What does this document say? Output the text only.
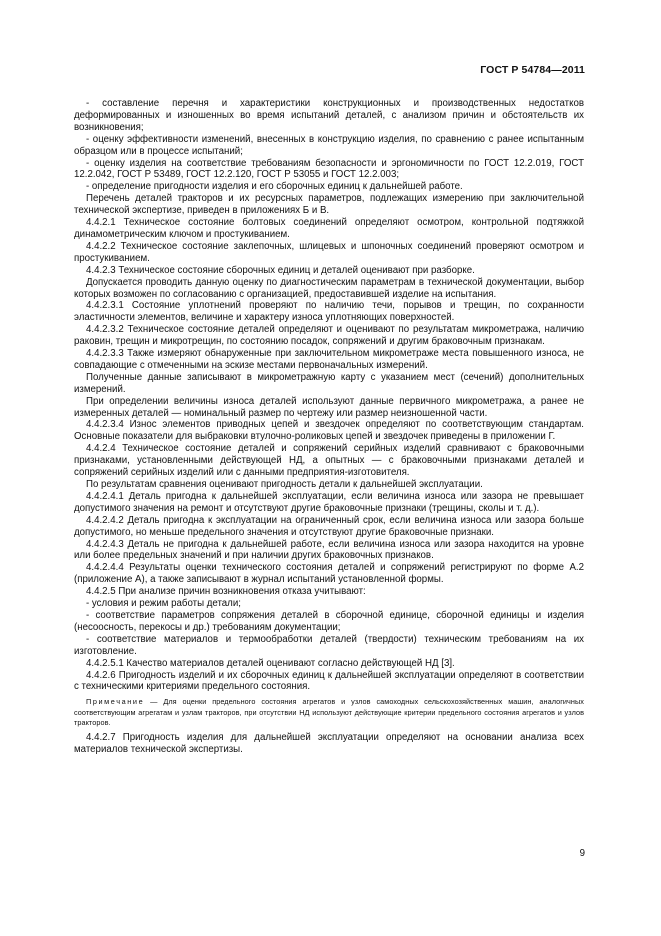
ГОСТ Р 54784—2011

- составление перечня и характеристики конструкционных и производственных недостатков деформированных и изношенных во время испытаний деталей, с анализом причин и обстоятельств их возникновения;

- оценку эффективности изменений, внесенных в конструкцию изделия, по сравнению с ранее испытанным образцом или в процессе испытаний;

- оценку изделия на соответствие требованиям безопасности и эргономичности по ГОСТ 12.2.019, ГОСТ 12.2.042, ГОСТ Р 53489, ГОСТ 12.2.120, ГОСТ Р 53055 и ГОСТ 12.2.003;

- определение пригодности изделия и его сборочных единиц к дальнейшей работе.

Перечень деталей тракторов и их ресурсных параметров, подлежащих измерению при заключительной технической экспертизе, приведен в приложениях Б и В.

4.4.2.1 Техническое состояние болтовых соединений определяют осмотром, контрольной подтяжкой динамометрическим ключом и простукиванием.

4.4.2.2 Техническое состояние заклепочных, шлицевых и шпоночных соединений проверяют осмотром и простукиванием.

4.4.2.3 Техническое состояние сборочных единиц и деталей оценивают при разборке.

Допускается проводить данную оценку по диагностическим параметрам в технической документации, выбор которых возможен по согласованию с организацией, предоставившей изделие на испытания.

4.4.2.3.1 Состояние уплотнений проверяют по наличию течи, порывов и трещин, по сохранности эластичности элементов, величине и характеру износа уплотняющих поверхностей.

4.4.2.3.2 Техническое состояние деталей определяют и оценивают по результатам микрометража, наличию раковин, трещин и микротрещин, по состоянию посадок, сопряжений и другим браковочным признакам.

4.4.2.3.3 Также измеряют обнаруженные при заключительном микрометраже места повышенного износа, не совпадающие с отмеченными на эскизе местами первоначальных измерений.

Полученные данные записывают в микрометражную карту с указанием мест (сечений) дополнительных измерений.

При определении величины износа деталей используют данные первичного микрометража, а ранее не измеренных деталей — номинальный размер по чертежу или размер неизношенной части.

4.4.2.3.4 Износ элементов приводных цепей и звездочек определяют по соответствующим стандартам. Основные показатели для выбраковки втулочно-роликовых цепей и звездочек приведены в приложении Г.

4.4.2.4 Техническое состояние деталей и сопряжений серийных изделий сравнивают с браковочными признаками, установленными действующей НД, а опытных — с браковочными признаками деталей и сопряжений серийных изделий или с данными предприятия-изготовителя.

По результатам сравнения оценивают пригодность детали к дальнейшей эксплуатации.

4.4.2.4.1 Деталь пригодна к дальнейшей эксплуатации, если величина износа или зазора не превышает допустимого значения на ремонт и отсутствуют другие браковочные признаки (трещины, сколы и т. д.).

4.4.2.4.2 Деталь пригодна к эксплуатации на ограниченный срок, если величина износа или зазора больше допустимого, но меньше предельного значения и отсутствуют другие браковочные признаки.

4.4.2.4.3 Деталь не пригодна к дальнейшей работе, если величина износа или зазора находится на уровне или более предельных значений и при наличии других браковочных признаков.

4.4.2.4.4 Результаты оценки технического состояния деталей и сопряжений регистрируют по форме А.2 (приложение А), а также записывают в журнал испытаний установленной формы.

4.4.2.5 При анализе причин возникновения отказа учитывают:

- условия и режим работы детали;

- соответствие параметров сопряжения деталей в сборочной единице, сборочной единицы и изделия (несоосность, перекосы и др.) требованиям документации;

- соответствие материалов и термообработки деталей (твердости) техническим требованиям на их изготовление.

4.4.2.5.1 Качество материалов деталей оценивают согласно действующей НД [3].

4.4.2.6 Пригодность изделий и их сборочных единиц к дальнейшей эксплуатации определяют в соответствии с техническими критериями предельного состояния.

Примечание — Для оценки предельного состояния агрегатов и узлов самоходных сельскохозяйственных машин, аналогичных соответствующим агрегатам и узлам тракторов, при отсутствии НД используют действующие критерии предельного состояния агрегатов и узлов тракторов.

4.4.2.7 Пригодность изделия для дальнейшей эксплуатации определяют на основании анализа всех материалов технической экспертизы.

9
